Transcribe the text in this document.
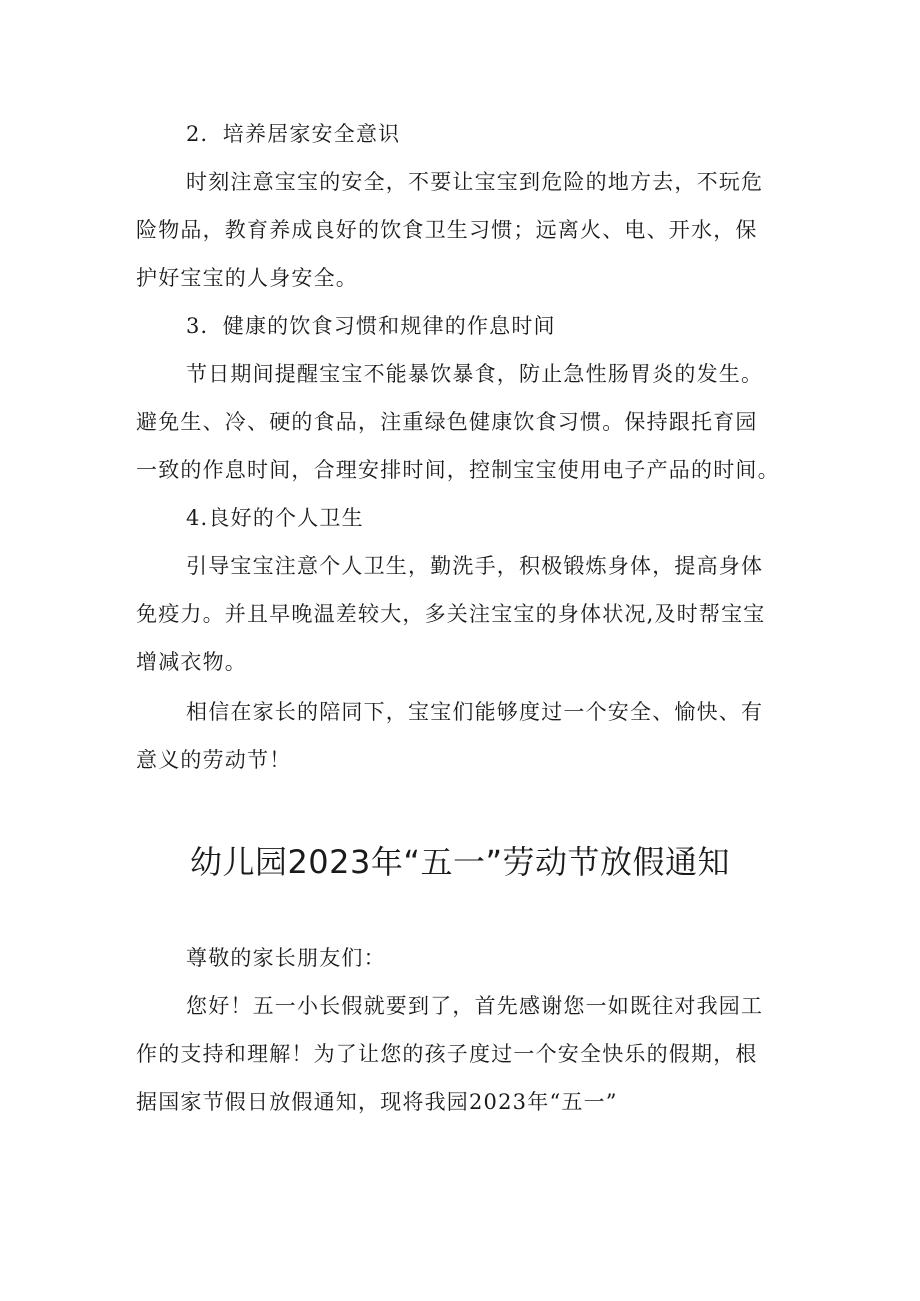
2．培养居家安全意识
时刻注意宝宝的安全，不要让宝宝到危险的地方去，不玩危
险物品，教育养成良好的饮食卫生习惯；远离火、电、开水，保
护好宝宝的人身安全。
3．健康的饮食习惯和规律的作息时间
节日期间提醒宝宝不能暴饮暴食，防止急性肠胃炎的发生。
避免生、冷、硬的食品，注重绿色健康饮食习惯。保持跟托育园
一致的作息时间，合理安排时间，控制宝宝使用电子产品的时间。
4.良好的个人卫生
引导宝宝注意个人卫生，勤洗手，积极锻炼身体，提高身体
免疫力。并且早晚温差较大，多关注宝宝的身体状况,及时帮宝宝
增减衣物。
相信在家长的陪同下，宝宝们能够度过一个安全、愉快、有
意义的劳动节！
幼儿园2023年“五一”劳动节放假通知
尊敬的家长朋友们：
您好！五一小长假就要到了，首先感谢您一如既往对我园工
作的支持和理解！为了让您的孩子度过一个安全快乐的假期，根
据国家节假日放假通知，现将我园2023年“五一”
